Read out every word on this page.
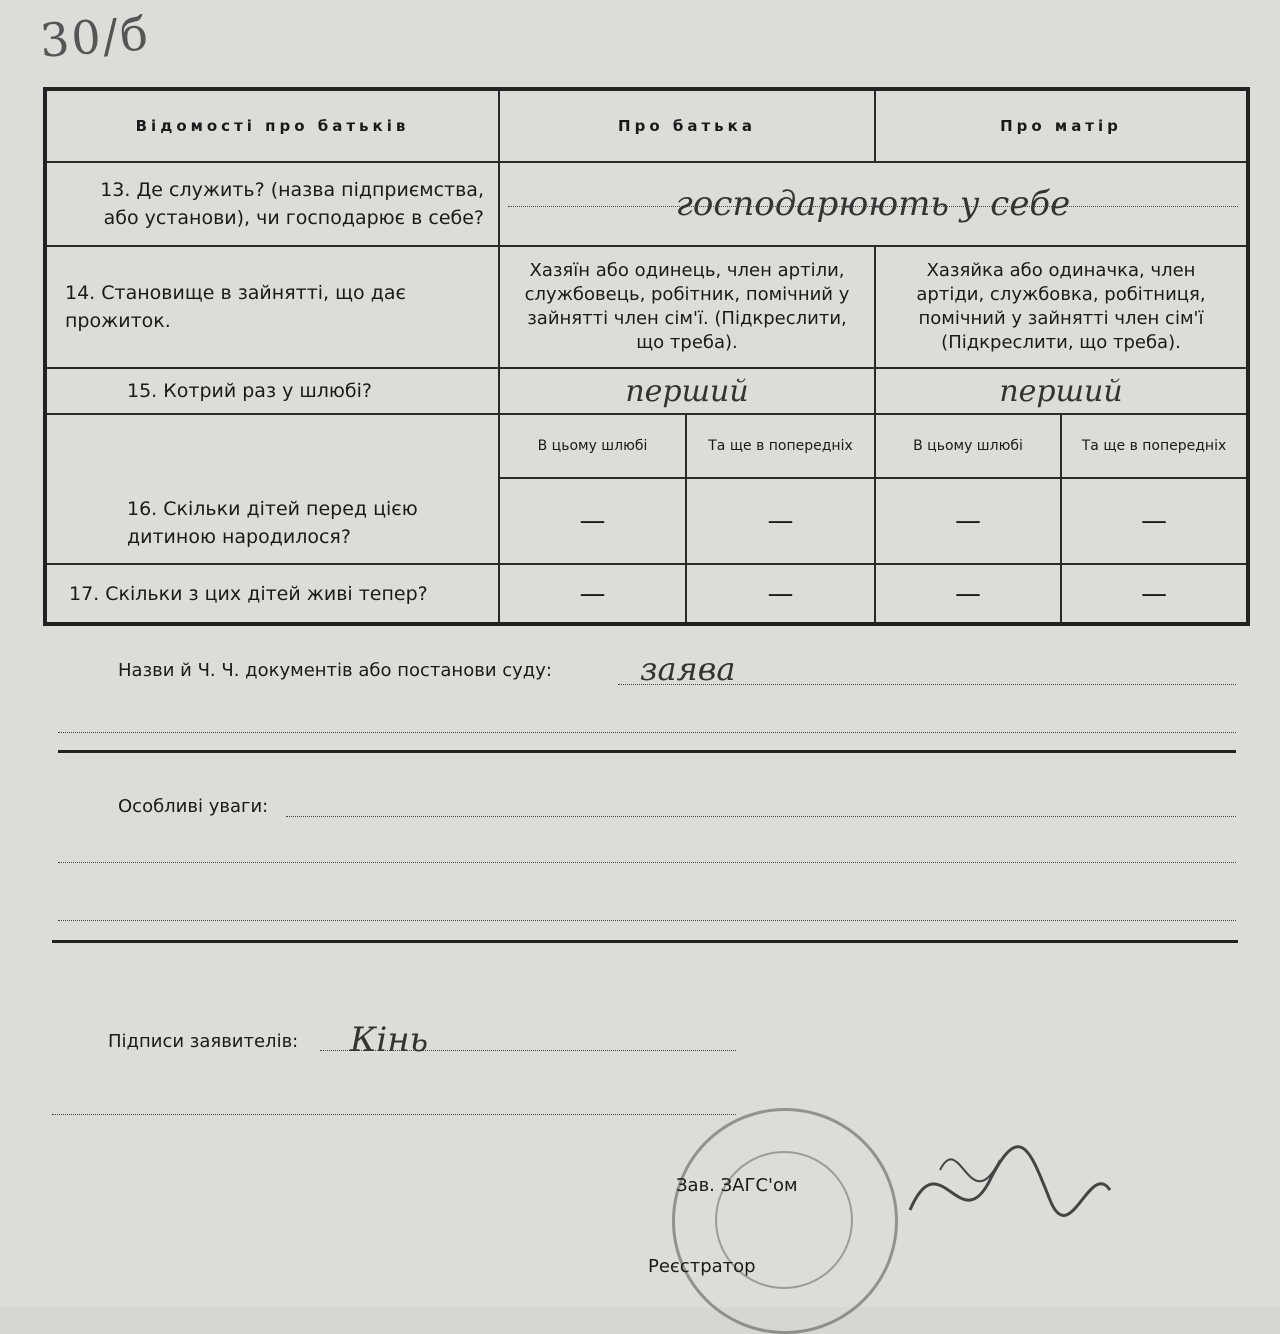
30/б
Відомості про батьків	Про батька		Про матір	
13. Де служить? (назва підприємства, або установи), чи господарює в себе?	господарюють у себе			

14. Становище в зайнятті, що дає прожиток.	Хазяїн або одинець, член артіли, службовець, робітник, помічний у зайнятті член сім'ї. (Підкреслити, що треба).		Хазяйка або одиначка, член артіди, службовка, робітниця, помічний у зайнятті член сім'ї (Підкреслити, що треба).	
15. Котрий раз у шлюбі?	перший		перший	
16. Скільки дітей перед цією дитиною народилося?	В цьому шлюбі	Та ще в попередніх	В цьому шлюбі	Та ще в попередніх
	—	—	—	—
17. Скільки з цих дітей живі тепер?	—	—	—	—
Назви й Ч. Ч. документів або постанови суду:	заява
Особливі уваги:
Підписи заявителів: Кінь
Зав. ЗАГС'ом
Реєстратор
